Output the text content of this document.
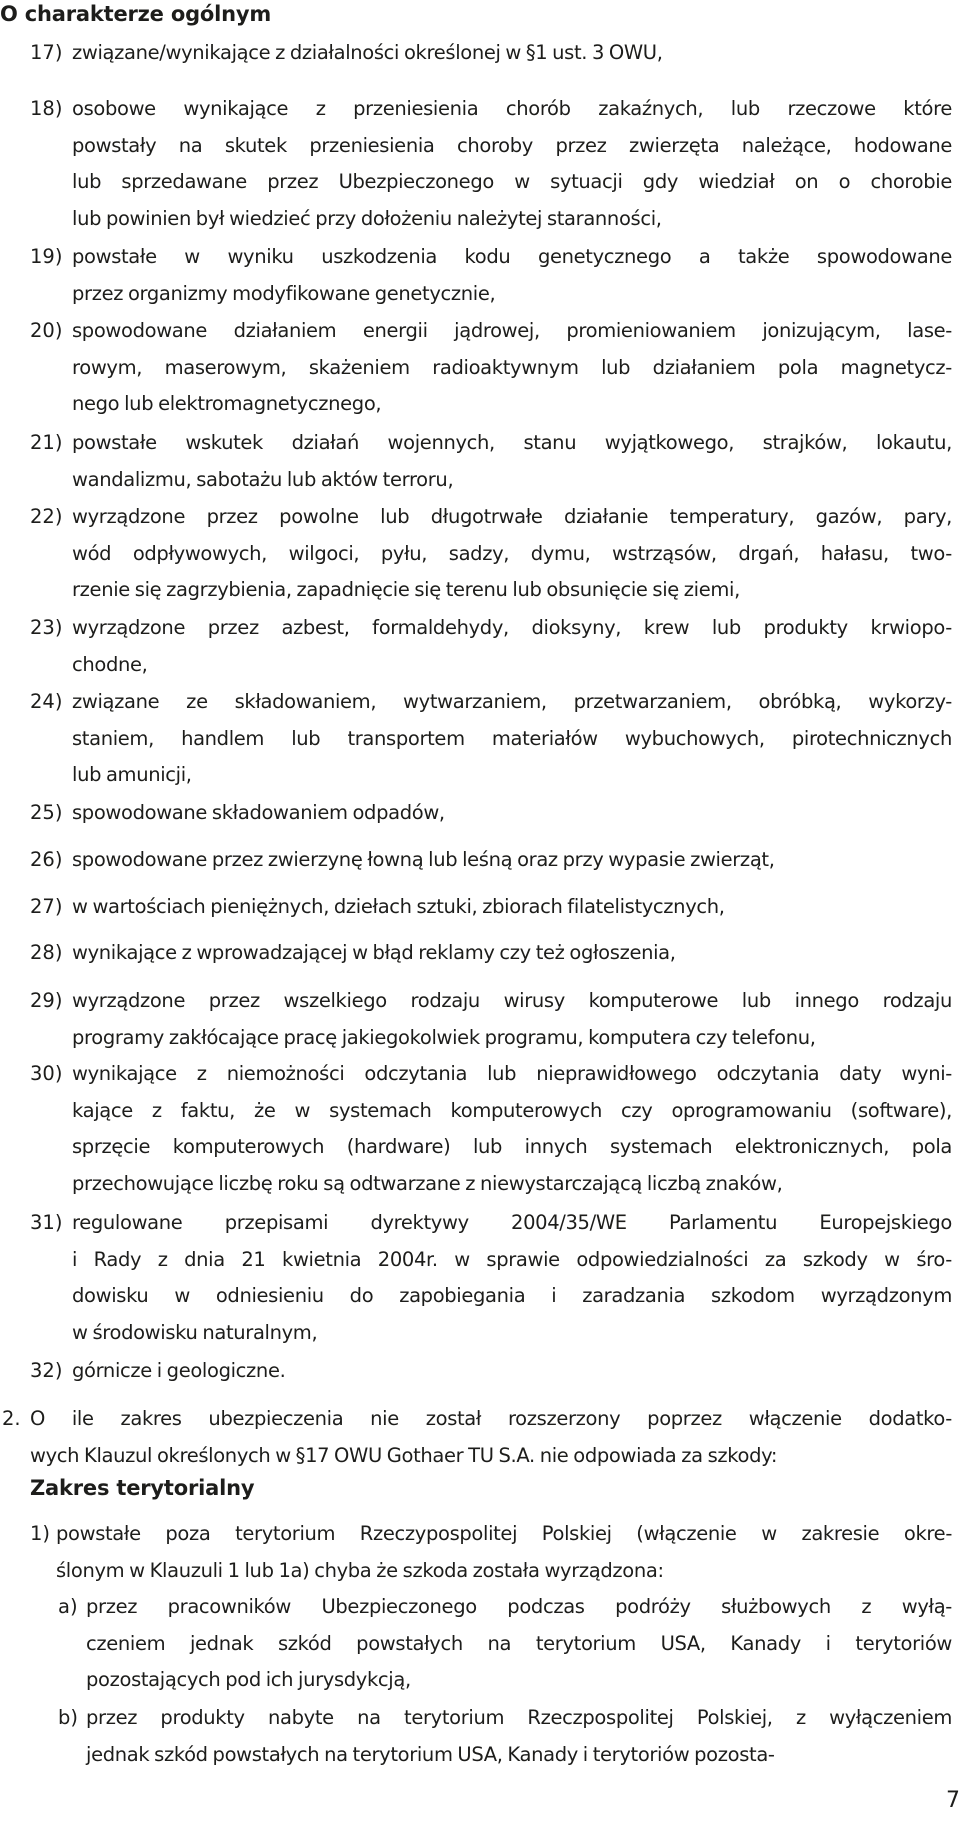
O charakterze ogólnym
17) związane/wynikające z działalności określonej w §1 ust. 3 OWU,
18) osobowe wynikające z przeniesienia chorób zakaźnych, lub rzeczowe które
powstały na skutek przeniesienia choroby przez zwierzęta należące, hodowane
lub sprzedawane przez Ubezpieczonego w sytuacji gdy wiedział on o chorobie
lub powinien był wiedzieć przy dołożeniu należytej staranności,
19) powstałe w wyniku uszkodzenia kodu genetycznego a także spowodowane
przez organizmy modyfikowane genetycznie,
20) spowodowane działaniem energii jądrowej, promieniowaniem jonizującym, lase-
rowym, maserowym, skażeniem radioaktywnym lub działaniem pola magnetycz-
nego lub elektromagnetycznego,
21) powstałe wskutek działań wojennych, stanu wyjątkowego, strajków, lokautu,
wandalizmu, sabotażu lub aktów terroru,
22) wyrządzone przez powolne lub długotrwałe działanie temperatury, gazów, pary,
wód odpływowych, wilgoci, pyłu, sadzy, dymu, wstrząsów, drgań, hałasu, two-
rzenie się zagrzybienia, zapadnięcie się terenu lub obsunięcie się ziemi,
23) wyrządzone przez azbest, formaldehydy, dioksyny, krew lub produkty krwiopo-
chodne,
24) związane ze składowaniem, wytwarzaniem, przetwarzaniem, obróbką, wykorzy-
staniem, handlem lub transportem materiałów wybuchowych, pirotechnicznych
lub amunicji,
25) spowodowane składowaniem odpadów,
26) spowodowane przez zwierzynę łowną lub leśną oraz przy wypasie zwierząt,
27) w wartościach pieniężnych, dziełach sztuki, zbiorach filatelistycznych,
28) wynikające z wprowadzającej w błąd reklamy czy też ogłoszenia,
29) wyrządzone przez wszelkiego rodzaju wirusy komputerowe lub innego rodzaju
programy zakłócające pracę jakiegokolwiek programu, komputera czy telefonu,
30) wynikające z niemożności odczytania lub nieprawidłowego odczytania daty wyni-
kające z faktu, że w systemach komputerowych czy oprogramowaniu (software),
sprzęcie komputerowych (hardware) lub innych systemach elektronicznych, pola
przechowujące liczbę roku są odtwarzane z niewystarczającą liczbą znaków,
31) regulowane przepisami dyrektywy 2004/35/WE Parlamentu Europejskiego
i Rady z dnia 21 kwietnia 2004r. w sprawie odpowiedzialności za szkody w śro-
dowisku w odniesieniu do zapobiegania i zaradzania szkodom wyrządzonym
w środowisku naturalnym,
32) górnicze i geologiczne.
2. O ile zakres ubezpieczenia nie został rozszerzony poprzez włączenie dodatko-
wych Klauzul określonych w §17 OWU Gothaer TU S.A. nie odpowiada za szkody:
1) powstałe poza terytorium Rzeczypospolitej Polskiej (włączenie w zakresie okre-
ślonym w Klauzuli 1 lub 1a) chyba że szkoda została wyrządzona:
a) przez pracowników Ubezpieczonego podczas podróży służbowych z wyłą-
czeniem jednak szkód powstałych na terytorium USA, Kanady i terytoriów
pozostających pod ich jurysdykcją,
b) przez produkty nabyte na terytorium Rzeczpospolitej Polskiej, z wyłączeniem
jednak szkód powstałych na terytorium USA, Kanady i terytoriów pozosta-
Zakres terytorialny
7
